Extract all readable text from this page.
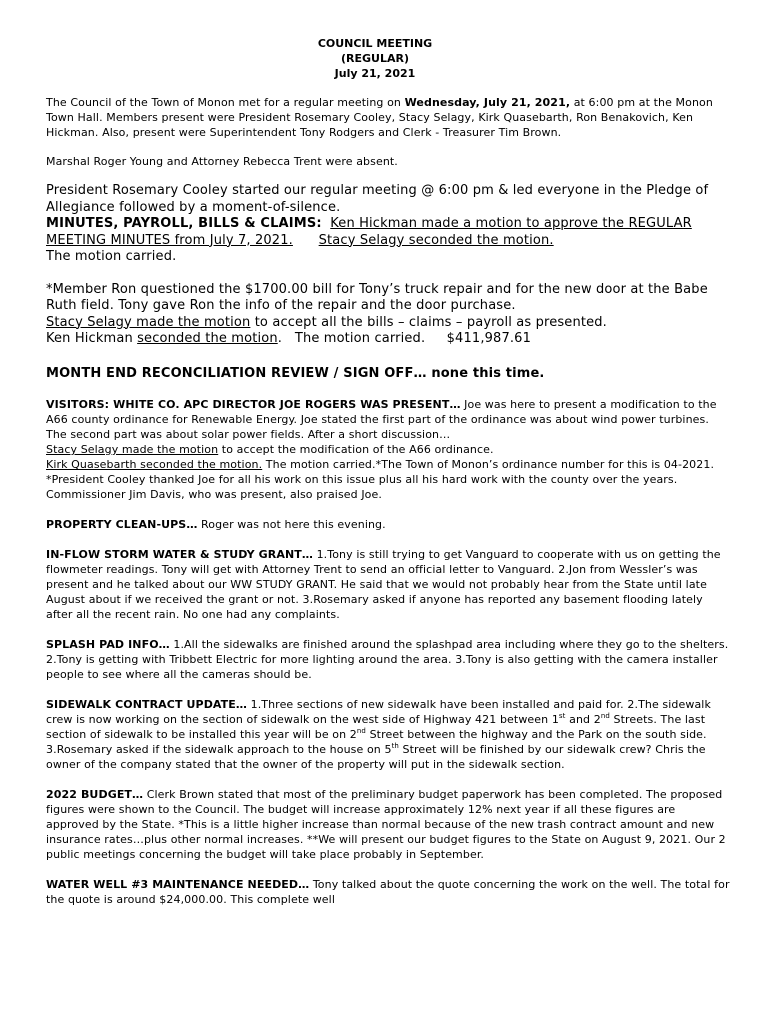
COUNCIL MEETING
(REGULAR)
July 21, 2021

The Council of the Town of Monon met for a regular meeting on Wednesday, July 21, 2021, at 6:00 pm at the Monon Town Hall. Members present were President Rosemary Cooley, Stacy Selagy, Kirk Quasebarth, Ron Benakovich, Ken Hickman. Also, present were Superintendent Tony Rodgers and Clerk - Treasurer Tim Brown.

Marshal Roger Young and Attorney Rebecca Trent were absent.

President Rosemary Cooley started our regular meeting @ 6:00 pm & led everyone in the Pledge of Allegiance followed by a moment-of-silence.

MINUTES, PAYROLL, BILLS & CLAIMS: Ken Hickman made a motion to approve the REGULAR MEETING MINUTES from July 7, 2021. Stacy Selagy seconded the motion.
The motion carried.

*Member Ron questioned the $1700.00 bill for Tony’s truck repair and for the new door at the Babe Ruth field. Tony gave Ron the info of the repair and the door purchase.
Stacy Selagy made the motion to accept all the bills – claims – payroll as presented.
Ken Hickman seconded the motion.   The motion carried.     $411,987.61

MONTH END RECONCILIATION REVIEW / SIGN OFF… none this time.

VISITORS: WHITE CO. APC DIRECTOR JOE ROGERS WAS PRESENT… Joe was here to present a modification to the A66 county ordinance for Renewable Energy. Joe stated the first part of the ordinance was about wind power turbines. The second part was about solar power fields. After a short discussion…
Stacy Selagy made the motion to accept the modification of the A66 ordinance.
Kirk Quasebarth seconded the motion. The motion carried.*The Town of Monon’s ordinance number for this is 04-2021.
*President Cooley thanked Joe for all his work on this issue plus all his hard work with the county over the years. Commissioner Jim Davis, who was present, also praised Joe.

PROPERTY CLEAN-UPS… Roger was not here this evening.

IN-FLOW STORM WATER & STUDY GRANT… 1.Tony is still trying to get Vanguard to cooperate with us on getting the flowmeter readings. Tony will get with Attorney Trent to send an official letter to Vanguard. 2.Jon from Wessler’s was present and he talked about our WW STUDY GRANT. He said that we would not probably hear from the State until late August about if we received the grant or not. 3.Rosemary asked if anyone has reported any basement flooding lately after all the recent rain. No one had any complaints.

SPLASH PAD INFO… 1.All the sidewalks are finished around the splashpad area including where they go to the shelters. 2.Tony is getting with Tribbett Electric for more lighting around the area. 3.Tony is also getting with the camera installer people to see where all the cameras should be.

SIDEWALK CONTRACT UPDATE… 1.Three sections of new sidewalk have been installed and paid for. 2.The sidewalk crew is now working on the section of sidewalk on the west side of Highway 421 between 1st and 2nd Streets. The last section of sidewalk to be installed this year will be on 2nd Street between the highway and the Park on the south side.
3.Rosemary asked if the sidewalk approach to the house on 5th Street will be finished by our sidewalk crew? Chris the owner of the company stated that the owner of the property will put in the sidewalk section.

2022 BUDGET… Clerk Brown stated that most of the preliminary budget paperwork has been completed. The proposed figures were shown to the Council. The budget will increase approximately 12% next year if all these figures are approved by the State. *This is a little higher increase than normal because of the new trash contract amount and new insurance rates…plus other normal increases. **We will present our budget figures to the State on August 9, 2021. Our 2 public meetings concerning the budget will take place probably in September.

WATER WELL #3 MAINTENANCE NEEDED… Tony talked about the quote concerning the work on the well. The total for the quote is around $24,000.00. This complete well
